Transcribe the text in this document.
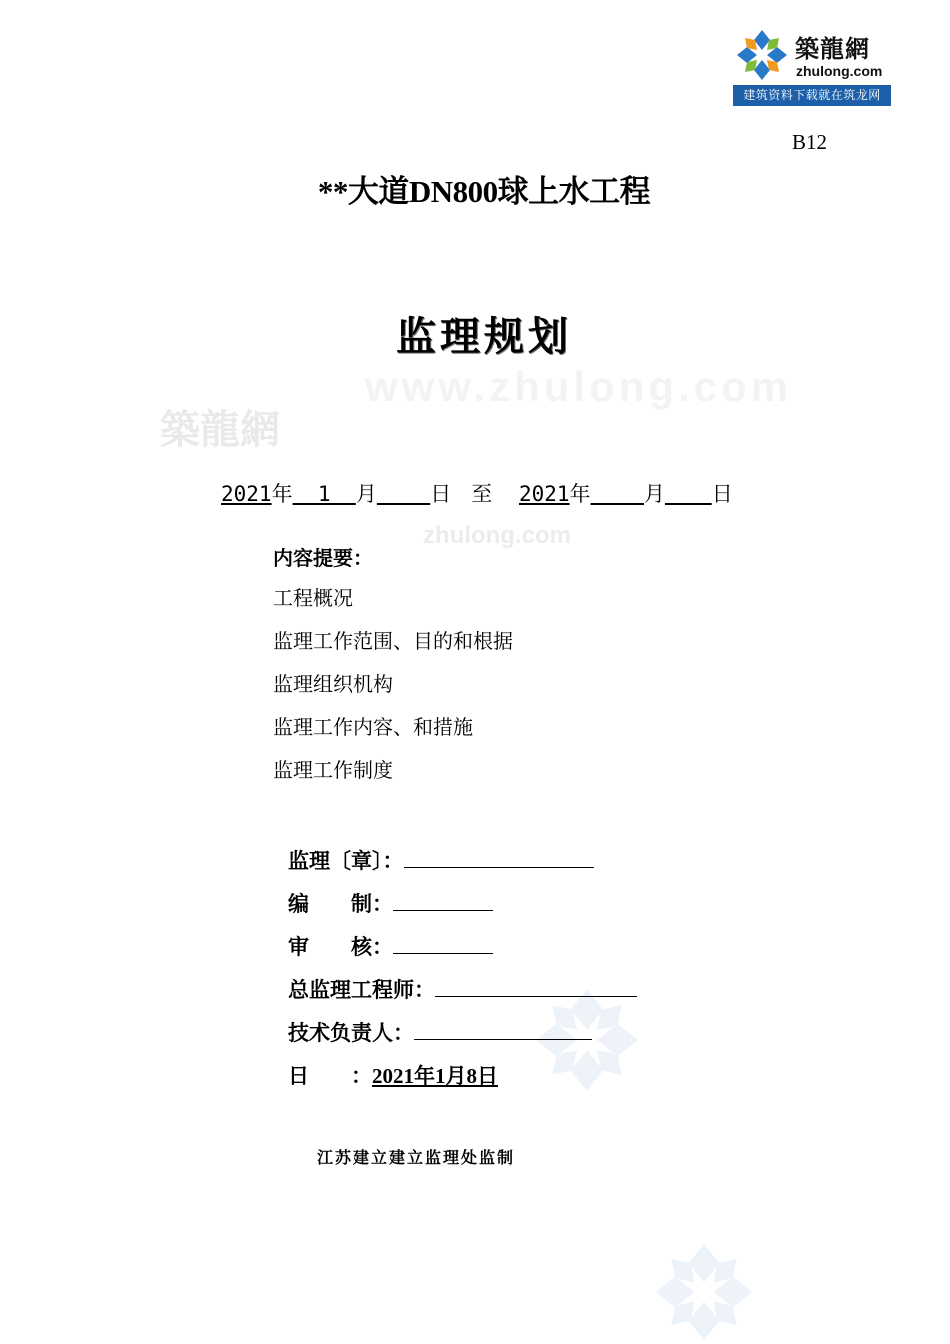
築龍網
zhulong.com
建筑资料下载就在筑龙网
www.zhulong.com
築龍網
zhulong.com
B12
**大道DN800球上水工程
监理规划
2021年 1 月	日 至 2021年	月 日
内容提要：
工程概况
监理工作范围、目的和根据
监理组织机构
监理工作内容、和措施
监理工作制度
监理〔章〕：
编　　制：
审　　核：
总监理工程师：
技术负责人：
日　　：2021年1月8日
江苏建立建立监理处监制
